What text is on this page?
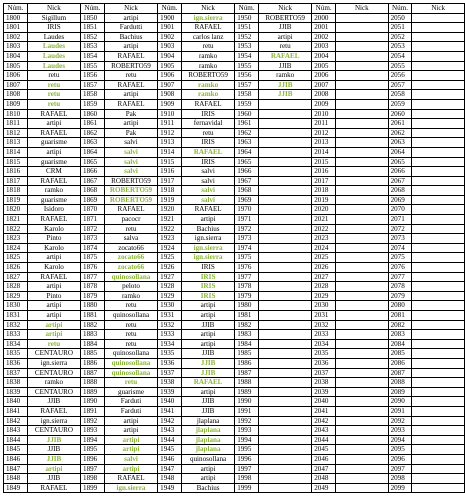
Núm.	Nick	Núm.	Nick	Núm.	Nick	Núm.	Nick	Núm.	Nick	Núm.	Nick
1800	Sigillum	1850	artipi	1900	ign.sierra	1950	ROBERTO59	2000		2050	
1801	IRIS	1851	Fardutti	1901	RAFAEL	1951	JJIB	2001		2051	
1802	Laudes	1852	Bachius	1902	carlos lanz	1952	artipi	2002		2052	
1803	Laudes	1853	artipi	1903	retu	1953	retu	2003		2053	
1804	Laudes	1854	RAFAEL	1904	ramko	1954	RAFAEL	2004		2054	
1805	Laudes	1855	ROBERTO59	1905	ramko	1955	JJIB	2005		2055	
1806	retu	1856	retu	1906	ROBERTO59	1956	ramko	2006		2056	
1807	retu	1857	RAFAEL	1907	ramko	1957	JJIB	2007		2057	
1808	retu	1858	artipi	1908	ramko	1958	JJIB	2008		2058	
1809	retu	1859	RAFAEL	1909	RAFAEL	1959		2009		2059	
1810	RAFAEL	1860	Pak	1910	IRIS	1960		2010		2060	
1811	artipi	1861	artipi	1911	fernavidal	1961		2011		2061	
1812	RAFAEL	1862	Pak	1912	retu	1962		2012		2062	
1813	guarisme	1863	salvi	1913	IRIS	1963		2013		2063	
1814	artipi	1864	salvi	1914	RAFAEL	1964		2014		2064	
1815	guarisme	1865	salvi	1915	IRIS	1965		2015		2065	
1816	CRM	1866	salvi	1916	salvi	1966		2016		2066	
1817	RAFAEL	1867	ROBERTO59	1917	salvi	1967		2017		2067	
1818	ramko	1868	ROBERTO59	1918	salvi	1968		2018		2068	
1819	guarisme	1869	ROBERTO59	1919	salvi	1969		2019		2069	
1820	Isidoro	1870	RAFAEL	1920	RAFAEL	1970		2020		2070	
1821	RAFAEL	1871	pacocr	1921	artipi	1971		2021		2071	
1822	Karolo	1872	retu	1922	Bachius	1972		2022		2072	
1823	Pinto	1873	salva	1923	ign.sierra	1973		2023		2073	
1824	Karolo	1874	zocato66	1924	ign.sierra	1974		2024		2074	
1825	artipi	1875	zocato66	1925	ign.sierra	1975		2025		2075	
1826	Karolo	1876	zocato66	1926	IRIS	1976		2026		2076	
1827	RAFAEL	1877	quinosollana	1927	IRIS	1977		2027		2077	
1828	artipi	1878	peloto	1928	IRIS	1978		2028		2078	
1829	Pinto	1879	ramko	1929	IRIS	1979		2029		2079	
1830	artipi	1880	retu	1930	artipi	1980		2030		2080	
1831	artipi	1881	quinosollana	1931	artipi	1981		2031		2081	
1832	artipi	1882	retu	1932	JJIB	1982		2032		2082	
1833	artipi	1883	retu	1933	artipi	1983		2033		2083	
1834	retu	1884	retu	1934	artipi	1984		2034		2084	
1835	CENTAURO	1885	quinosollana	1935	JJIB	1985		2035		2085	
1836	ign.sierra	1886	quinosollana	1936	JJIB	1986		2036		2086	
1837	CENTAURO	1887	quinosollana	1937	JJIB	1987		2037		2087	
1838	ramko	1888	retu	1938	RAFAEL	1988		2038		2088	
1839	CENTAURO	1889	guarisme	1939	artipi	1989		2039		2089	
1840	JJIB	1890	Farduti	1940	JJIB	1990		2040		2090	
1841	RAFAEL	1891	Farduti	1941	JJIB	1991		2041		2091	
1842	ign.sierra	1892	artipi	1942	jlaplana	1992		2042		2092	
1843	CENTAURO	1893	artipi	1943	jlaplana	1993		2043		2093	
1844	JJIB	1894	artipi	1944	jlaplana	1994		2044		2094	
1845	JJIB	1895	artipi	1945	jlaplana	1995		2045		2095	
1846	JJIB	1896	salvi	1946	quinosollana	1996		2046		2096	
1847	artipi	1897	artipi	1947	artipi	1997		2047		2097	
1848	JJIB	1898	RAFAEL	1948	artipi	1998		2048		2098	
1849	RAFAEL	1899	ign.sierra	1949	Bachius	1999		2049		2099	
